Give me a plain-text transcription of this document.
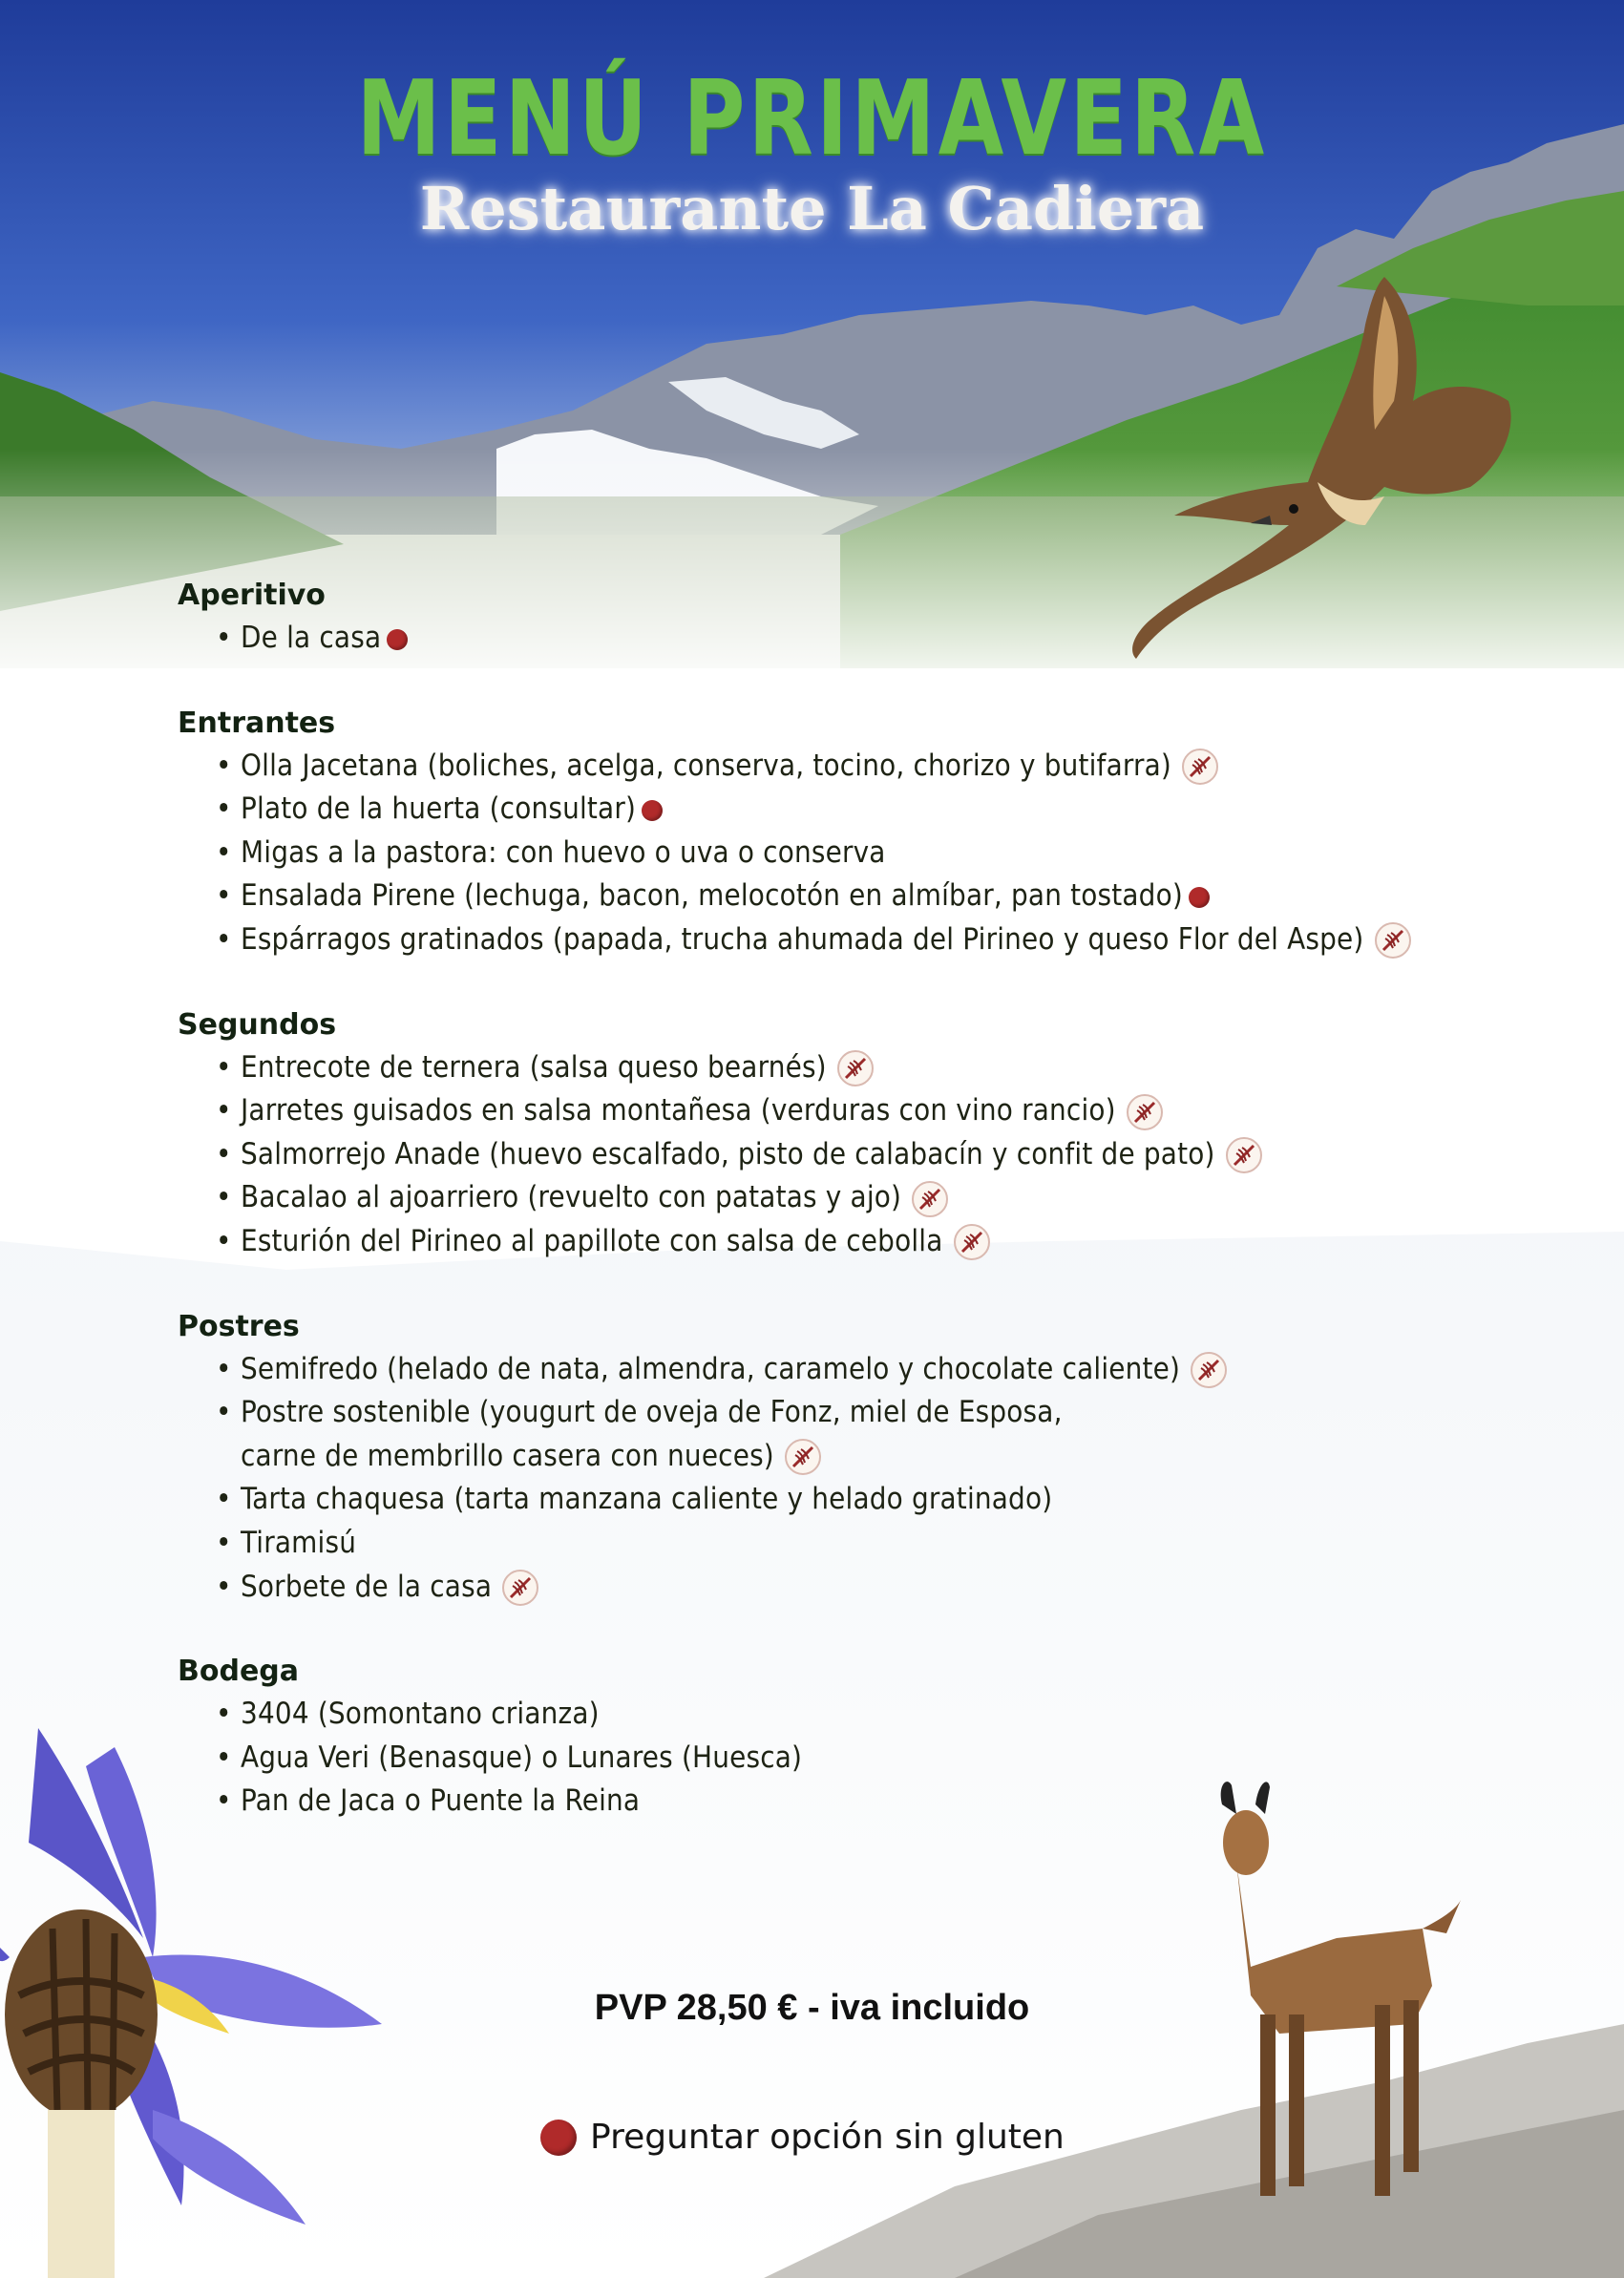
MENÚ PRIMAVERA
Restaurante La Cadiera
Aperitivo
• De la casa
Entrantes
• Olla Jacetana (boliches, acelga, conserva, tocino, chorizo y butifarra)
• Plato de la huerta (consultar)
• Migas a la pastora: con huevo o uva o conserva
• Ensalada Pirene (lechuga, bacon, melocotón en almíbar, pan tostado)
• Espárragos gratinados (papada, trucha ahumada del Pirineo y queso Flor del Aspe)
Segundos
• Entrecote de ternera (salsa queso bearnés)
• Jarretes guisados en salsa montañesa (verduras con vino rancio)
• Salmorrejo Anade (huevo escalfado, pisto de calabacín y confit de pato)
• Bacalao al ajoarriero (revuelto con patatas y ajo)
• Esturión del Pirineo al papillote con salsa de cebolla
Postres
• Semifredo (helado de nata, almendra, caramelo y chocolate caliente)
• Postre sostenible (yougurt de oveja de Fonz, miel de Esposa,
carne de membrillo casera con nueces)
• Tarta chaquesa (tarta manzana caliente y helado gratinado)
• Tiramisú
• Sorbete de la casa
Bodega
• 3404 (Somontano crianza)
• Agua Veri (Benasque) o Lunares (Huesca)
• Pan de Jaca o Puente la Reina
PVP 28,50 € - iva incluido
Preguntar opción sin gluten
